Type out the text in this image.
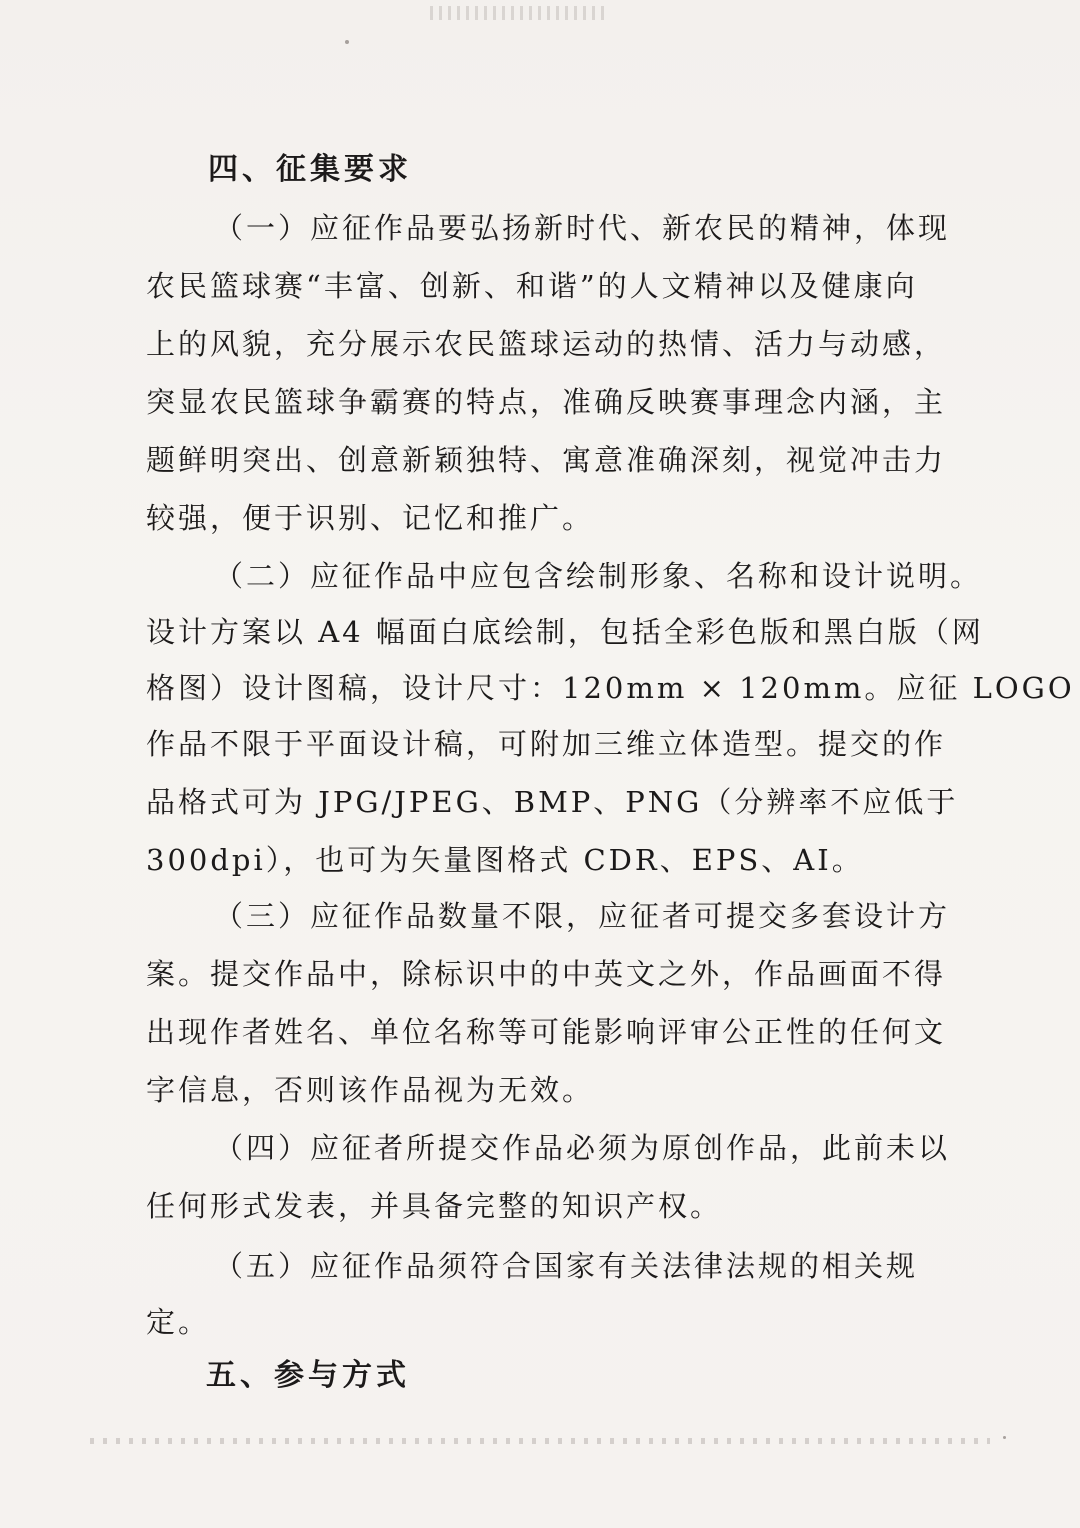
四、征集要求
（一）应征作品要弘扬新时代、新农民的精神，体现
农民篮球赛“丰富、创新、和谐”的人文精神以及健康向
上的风貌，充分展示农民篮球运动的热情、活力与动感，
突显农民篮球争霸赛的特点，准确反映赛事理念内涵，主
题鲜明突出、创意新颖独特、寓意准确深刻，视觉冲击力
较强，便于识别、记忆和推广。
（二）应征作品中应包含绘制形象、名称和设计说明。
设计方案以 A4 幅面白底绘制，包括全彩色版和黑白版（网
格图）设计图稿，设计尺寸：120mm × 120mm。应征 LOGO
作品不限于平面设计稿，可附加三维立体造型。提交的作
品格式可为 JPG/JPEG、BMP、PNG（分辨率不应低于
300dpi），也可为矢量图格式 CDR、EPS、AI。
（三）应征作品数量不限，应征者可提交多套设计方
案。提交作品中，除标识中的中英文之外，作品画面不得
出现作者姓名、单位名称等可能影响评审公正性的任何文
字信息，否则该作品视为无效。
（四）应征者所提交作品必须为原创作品，此前未以
任何形式发表，并具备完整的知识产权。
（五）应征作品须符合国家有关法律法规的相关规
定。
五、参与方式
